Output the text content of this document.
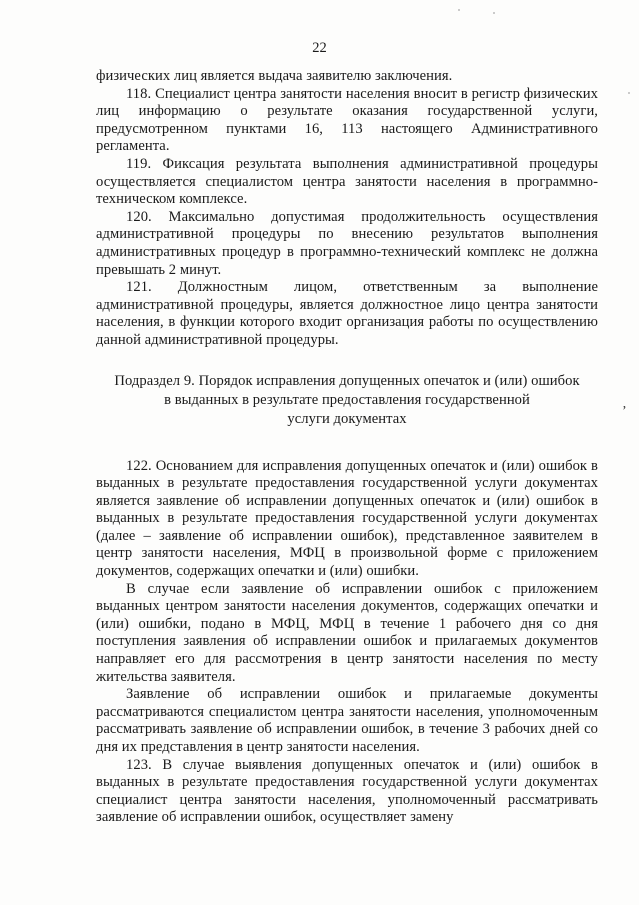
22

физических лиц является выдача заявителю заключения.

118. Специалист центра занятости населения вносит в регистр физических лиц информацию о результате оказания государственной услуги, предусмотренном пунктами 16, 113 настоящего Административного регламента.

119. Фиксация результата выполнения административной процедуры осуществляется специалистом центра занятости населения в программно-техническом комплексе.

120. Максимально допустимая продолжительность осуществления административной процедуры по внесению результатов выполнения административных процедур в программно-технический комплекс не должна превышать 2 минут.

121. Должностным лицом, ответственным за выполнение административной процедуры, является должностное лицо центра занятости населения, в функции которого входит организация работы по осуществлению данной административной процедуры.

Подраздел 9. Порядок исправления допущенных опечаток и (или) ошибок

в выданных в результате предоставления государственной

услуги документах

122. Основанием для исправления допущенных опечаток и (или) ошибок в выданных в результате предоставления государственной услуги документах является заявление об исправлении допущенных опечаток и (или) ошибок в выданных в результате предоставления государственной услуги документах (далее – заявление об исправлении ошибок), представленное заявителем в центр занятости населения, МФЦ в произвольной форме с приложением документов, содержащих опечатки и (или) ошибки.

В случае если заявление об исправлении ошибок с приложением выданных центром занятости населения документов, содержащих опечатки и (или) ошибки, подано в МФЦ, МФЦ в течение 1 рабочего дня со дня поступления заявления об исправлении ошибок и прилагаемых документов направляет его для рассмотрения в центр занятости населения по месту жительства заявителя.

Заявление об исправлении ошибок и прилагаемые документы рассматриваются специалистом центра занятости населения, уполномоченным рассматривать заявление об исправлении ошибок, в течение 3 рабочих дней со дня их представления в центр занятости населения.

123. В случае выявления допущенных опечаток и (или) ошибок в выданных в результате предоставления государственной услуги документах специалист центра занятости населения, уполномоченный рассматривать заявление об исправлении ошибок, осуществляет замену

ʼ
